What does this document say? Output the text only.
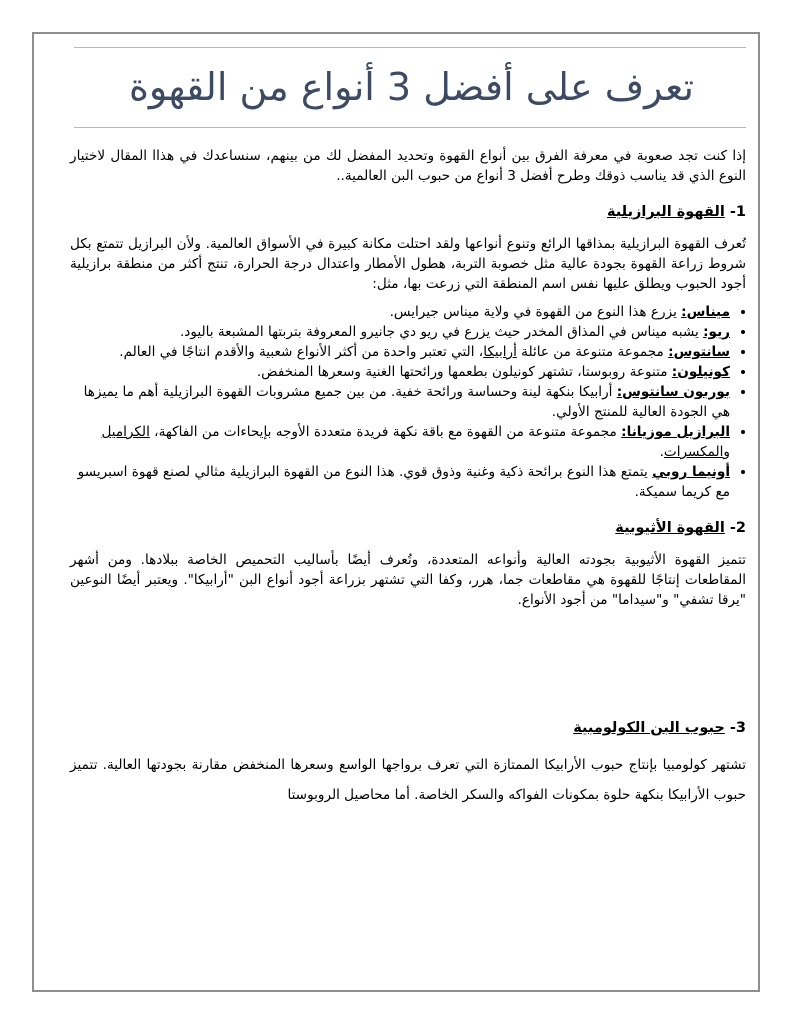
تعرف على أفضل 3 أنواع من القهوة

إذا كنت تجد صعوبة في معرفة الفرق بين أنواع القهوة وتحديد المفضل لك من بينهم، سنساعدك في هذاا المقال لاختيار النوع الذي قد يناسب ذوقك وطرح أفضل 3 أنواع من حبوب البن العالمية..

1- القهوة البرازيلية

تُعرف القهوة البرازيلية بمذاقها الرائع وتنوع أنواعها ولقد احتلت مكانة كبيرة في الأسواق العالمية. ولأن البرازيل تتمتع بكل شروط زراعة القهوة بجودة عالية مثل خصوبة التربة، هطول الأمطار واعتدال درجة الحرارة، تنتج أكثر من منطقة برازيلية أجود الحبوب ويطلق عليها نفس اسم المنطقة التي زرعت بها، مثل:

• ميناس: يزرع هذا النوع من القهوة في ولاية ميناس جيرايس.
• ريو: يشبه ميناس في المذاق المخدر حيث يزرع في ريو دي جانيرو المعروفة بتربتها المشبعة باليود.
• سانتوس: مجموعة متنوعة من عائلة أرابيكا، التي تعتبر واحدة من أكثر الأنواع شعبية والأقدم انتاجًا في العالم.
• كونيلون: متنوعة روبوستا، تشتهر كونيلون بطعمها ورائحتها الغنية وسعرها المنخفض.
• بوربون سانتوس: أرابيكا بنكهة لينة وحساسة ورائحة خفية. من بين جميع مشروبات القهوة البرازيلية أهم ما يميزها هي الجودة العالية للمنتج الأولي.
• البرازيل موزيانا: مجموعة متنوعة من القهوة مع باقة نكهة فريدة متعددة الأوجه بإيحاءات من الفاكهة، الكراميل والمكسرات.
• أونيما روبي يتمتع هذا النوع برائحة ذكية وغنية وذوق قوي. هذا النوع من القهوة البرازيلية مثالي لصنع قهوة اسبريسو مع كريما سميكة.
2- القهوة الأثيوبية

تتميز القهوة الأثيوبية بجودته العالية وأنواعه المتعددة، وتُعرف أيضًا بأساليب التحميص الخاصة ببلادها. ومن أشهر المقاطعات إنتاجًا للقهوة هي مقاطعات جما، هرر، وكفا التي تشتهر بزراعة أجود أنواع البن "أرابيكا". ويعتبر أيضًا النوعين "يرقا تشفي" و"سيداما" من أجود الأنواع.

3- حبوب البن الكولومبية

تشتهر كولومبيا بإنتاج حبوب الأرابيكا الممتازة التي تعرف برواجها الواسع وسعرها المنخفض مقارنة بجودتها العالية. تتميز حبوب الأرابيكا بنكهة حلوة بمكونات الفواكه والسكر الخاصة. أما محاصيل الروبوستا
